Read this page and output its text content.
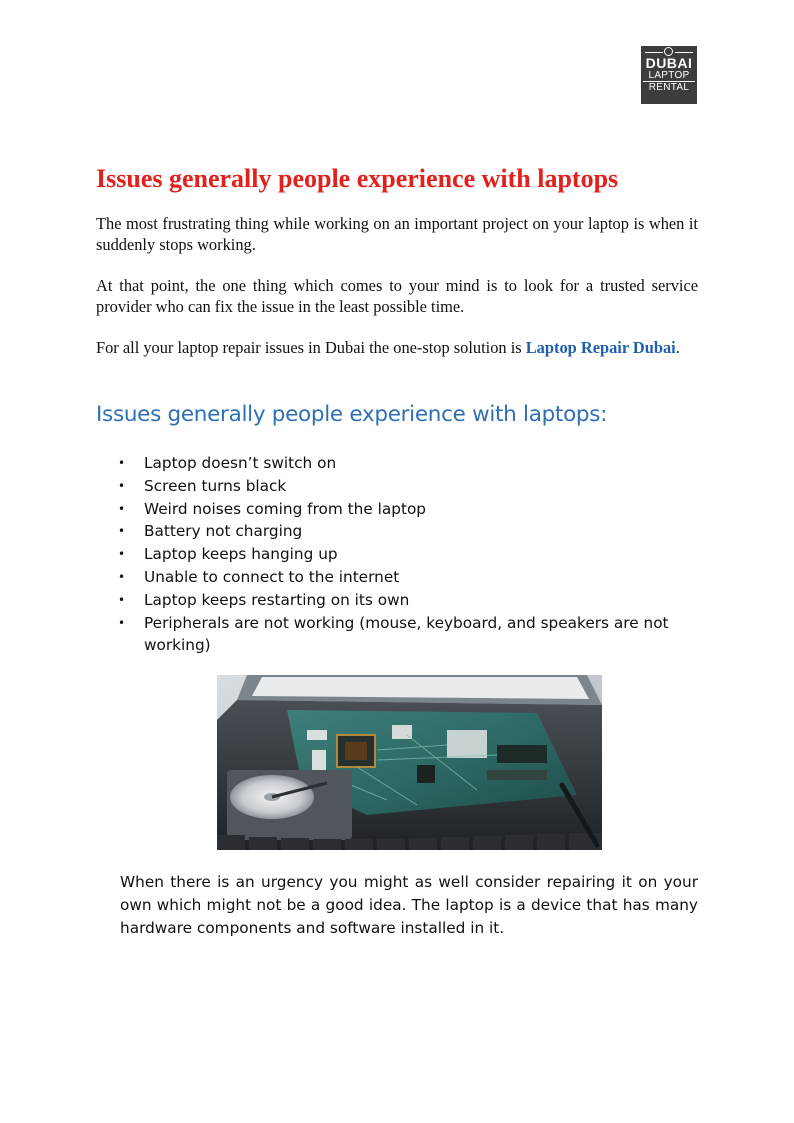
DUBAI
LAPTOP
RENTAL
Issues generally people experience with laptops

The most frustrating thing while working on an important project on your laptop is when it suddenly stops working.

At that point, the one thing which comes to your mind is to look for a trusted service provider who can fix the issue in the least possible time.

For all your laptop repair issues in Dubai the one-stop solution is Laptop Repair Dubai.

Issues generally people experience with laptops:
• Laptop doesn’t switch on
• Screen turns black
• Weird noises coming from the laptop
• Battery not charging
• Laptop keeps hanging up
• Unable to connect to the internet
• Laptop keeps restarting on its own
• Peripherals are not working (mouse, keyboard, and speakers are not working)

When there is an urgency you might as well consider repairing it on your own which might not be a good idea. The laptop is a device that has many hardware components and software installed in it.
